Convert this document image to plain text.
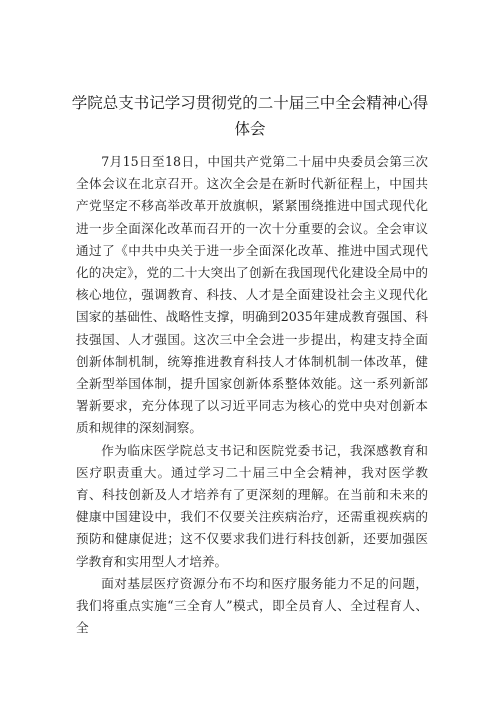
学院总支书记学习贯彻党的二十届三中全会精神心得体会

7月15日至18日，中国共产党第二十届中央委员会第三次全体会议在北京召开。这次全会是在新时代新征程上，中国共产党坚定不移高举改革开放旗帜，紧紧围绕推进中国式现代化进一步全面深化改革而召开的一次十分重要的会议。全会审议通过了《中共中央关于进一步全面深化改革、推进中国式现代化的决定》，党的二十大突出了创新在我国现代化建设全局中的核心地位，强调教育、科技、人才是全面建设社会主义现代化国家的基础性、战略性支撑，明确到2035年建成教育强国、科技强国、人才强国。这次三中全会进一步提出，构建支持全面创新体制机制，统筹推进教育科技人才体制机制一体改革，健全新型举国体制，提升国家创新体系整体效能。这一系列新部署新要求，充分体现了以习近平同志为核心的党中央对创新本质和规律的深刻洞察。

作为临床医学院总支书记和医院党委书记，我深感教育和医疗职责重大。通过学习二十届三中全会精神，我对医学教育、科技创新及人才培养有了更深刻的理解。在当前和未来的健康中国建设中，我们不仅要关注疾病治疗，还需重视疾病的预防和健康促进；这不仅要求我们进行科技创新，还要加强医学教育和实用型人才培养。

面对基层医疗资源分布不均和医疗服务能力不足的问题，我们将重点实施“三全育人”模式，即全员育人、全过程育人、全
